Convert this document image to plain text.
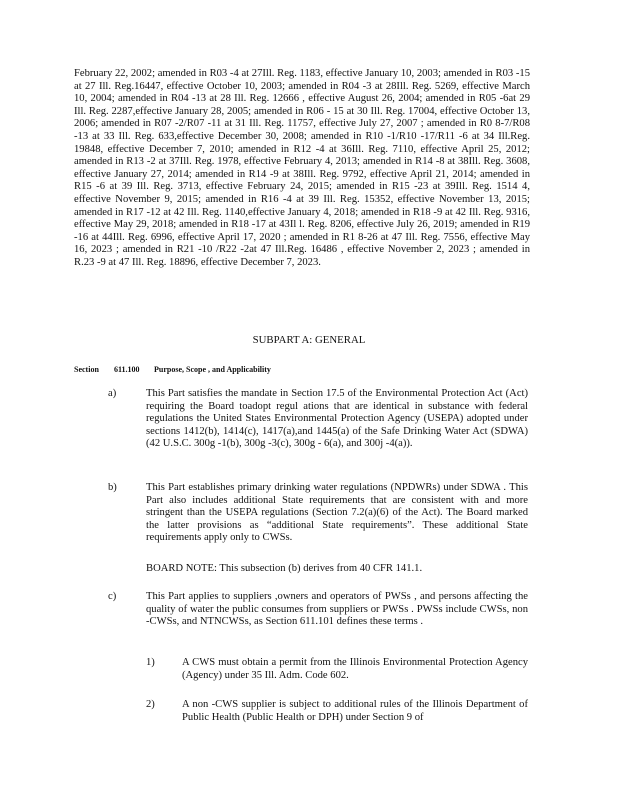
February 22, 2002; amended in R03 -4 at 27Ill. Reg. 1183, effective January 10, 2003; amended in R03 -15 at 27 Ill. Reg.16447, effective October 10, 2003; amended in R04 -3 at 28Ill. Reg. 5269, effective March 10, 2004; amended in R04 -13 at 28 Ill. Reg. 12666 , effective August 26, 2004; amended in R05 -6at 29 Ill. Reg. 2287,effective January 28, 2005; amended in R06 - 15 at 30 Ill. Reg. 17004, effective October 13, 2006; amended in R07 -2/R07 -11 at 31 Ill. Reg. 11757, effective July 27, 2007 ; amended in R0 8-7/R08 -13 at 33 Ill. Reg. 633,effective December 30, 2008; amended in R10 -1/R10 -17/R11 -6 at 34 Ill.Reg. 19848, effective December 7, 2010; amended in R12 -4 at 36Ill. Reg. 7110, effective April 25, 2012; amended in R13 -2 at 37Ill. Reg. 1978, effective February 4, 2013; amended in R14 -8 at 38Ill. Reg. 3608, effective January 27, 2014; amended in R14 -9 at 38Ill. Reg. 9792, effective April 21, 2014; amended in R15 -6 at 39 Ill. Reg. 3713, effective February 24, 2015; amended in R15 -23 at 39Ill. Reg. 1514 4, effective November 9, 2015; amended in R16 -4 at 39 Ill. Reg. 15352, effective November 13, 2015; amended in R17 -12 at 42 Ill. Reg. 1140,effective January 4, 2018; amended in R18 -9 at 42 Ill. Reg. 9316, effective May 29, 2018; amended in R18 -17 at 43Il l. Reg. 8206, effective July 26, 2019; amended in R19 -16 at 44Ill. Reg. 6996, effective April 17, 2020 ; amended in R1 8-26 at 47 Ill. Reg. 7556, effective May 16, 2023 ; amended in R21 -10 /R22 -2at 47 Ill.Reg. 16486 , effective November 2, 2023 ; amended in R.23 -9 at 47 Ill. Reg. 18896, effective December 7, 2023.
SUBPART A: GENERAL
Section 611.100 Purpose, Scope , and Applicability
a)	This Part satisfies the mandate in Section 17.5 of the Environmental Protection Act (Act) requiring the Board toadopt regul ations that are identical in substance with federal regulations the United States Environmental Protection Agency (USEPA) adopted under sections 1412(b), 1414(c), 1417(a),and 1445(a) of the Safe Drinking Water Act (SDWA) (42 U.S.C. 300g -1(b), 300g -3(c), 300g - 6(a), and 300j -4(a)).
b)	This Part establishes primary drinking water regulations (NPDWRs) under SDWA . This Part also includes additional State requirements that are consistent with and more stringent than the USEPA regulations (Section 7.2(a)(6) of the Act). The Board marked the latter provisions as “additional State requirements”. These additional State requirements apply only to CWSs.
BOARD NOTE: This subsection (b) derives from 40 CFR 141.1.
c)	This Part applies to suppliers ,owners and operators of PWSs , and persons affecting the quality of water the public consumes from suppliers or PWSs . PWSs include CWSs, non -CWSs, and NTNCWSs, as Section 611.101 defines these terms .
1)	A CWS must obtain a permit from the Illinois Environmental Protection Agency (Agency) under 35 Ill. Adm. Code 602.
2)	A non -CWS supplier is subject to additional rules of the Illinois Department of Public Health (Public Health or DPH) under Section 9 of
